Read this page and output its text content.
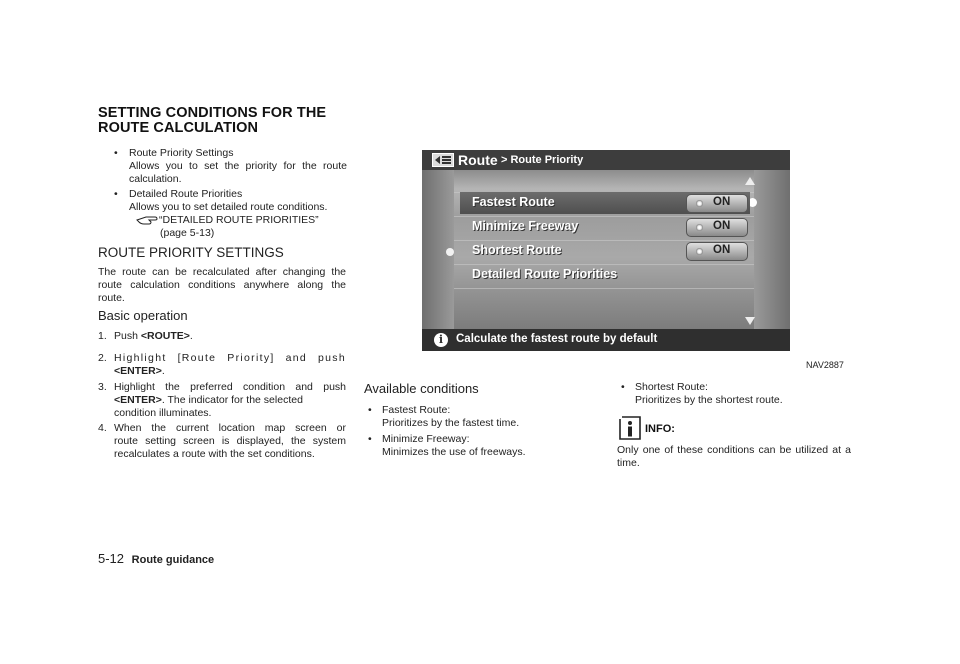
SETTING CONDITIONS FOR THE
ROUTE CALCULATION
• Route Priority Settings
Allows you to set the priority for the route
calculation.
• Detailed Route Priorities
Allows you to set detailed route conditions.
“DETAILED ROUTE PRIORITIES”
(page 5-13)
ROUTE PRIORITY SETTINGS
The route can be recalculated after changing the
route calculation conditions anywhere along the
route.
Basic operation
1. Push <ROUTE>.
2. Highlight [Route Priority] and push
<ENTER>.
3. Highlight the preferred condition and push
<ENTER>. The indicator for the selected
condition illuminates.
4. When the current location map screen or
route setting screen is displayed, the system
recalculates a route with the set conditions.
Route > Route Priority
Fastest Route	ON
Minimize Freeway	ON
Shortest Route	ON
Detailed Route Priorities
i	Calculate the fastest route by default
NAV2887
Available conditions
• Fastest Route:
Prioritizes by the fastest time.
• Minimize Freeway:
Minimizes the use of freeways.
• Shortest Route:
Prioritizes by the shortest route.
INFO:
Only one of these conditions can be utilized at a
time.
5-12 Route guidance
